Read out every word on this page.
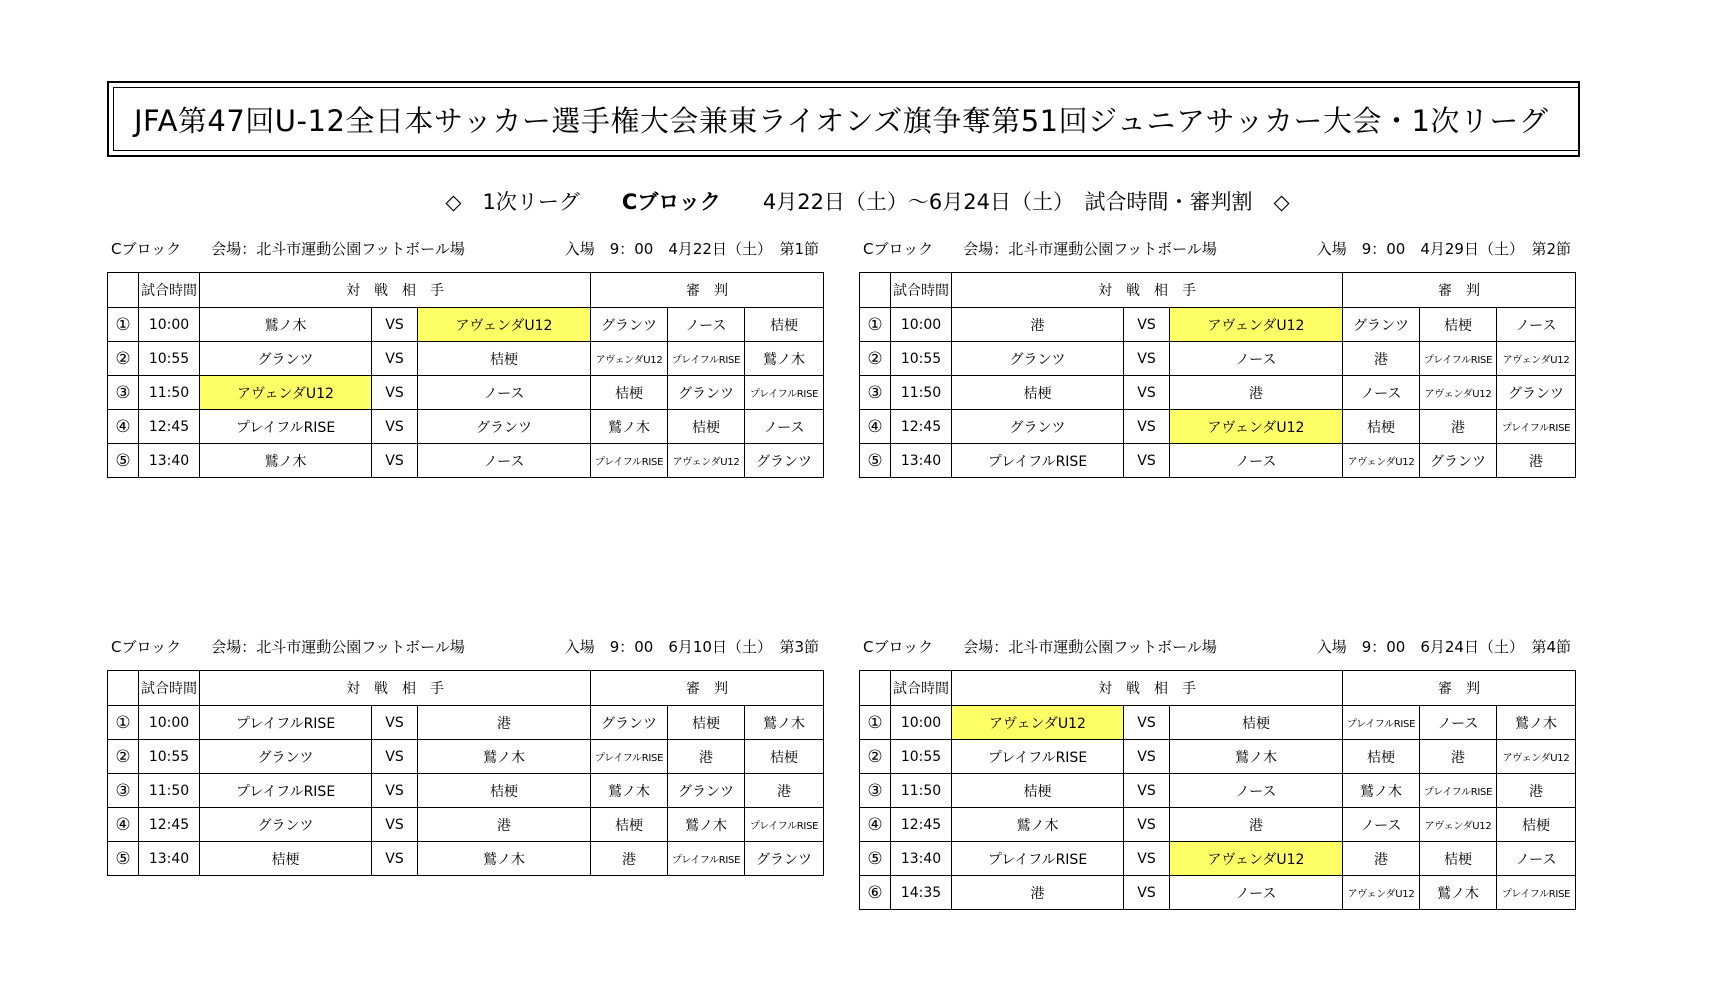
JFA第47回U-12全日本サッカー選手権大会兼東ライオンズ旗争奪第51回ジュニアサッカー大会・1次リーグ
◇　1次リーグ　　Cブロック　　4月22日（土）～6月24日（土）　試合時間・審判割　◇
Cブロック　　 会場：北斗市運動公園フットボール場	入場　9：00　4月22日（土）　第1節
	試合時間	対　戦　相　手			審　判		
①	10:00	鷲ノ木	VS	アヴェンダU12	グランツ	ノース	桔梗
②	10:55	グランツ	VS	桔梗	アヴェンダU12	プレイフルRISE	鷲ノ木
③	11:50	アヴェンダU12	VS	ノース	桔梗	グランツ	プレイフルRISE
④	12:45	プレイフルRISE	VS	グランツ	鷲ノ木	桔梗	ノース
⑤	13:40	鷲ノ木	VS	ノース	プレイフルRISE	アヴェンダU12	グランツ
Cブロック　　 会場：北斗市運動公園フットボール場	入場　9：00　4月29日（土）　第2節
	試合時間	対　戦　相　手			審　判		
①	10:00	港	VS	アヴェンダU12	グランツ	桔梗	ノース
②	10:55	グランツ	VS	ノース	港	プレイフルRISE	アヴェンダU12
③	11:50	桔梗	VS	港	ノース	アヴェンダU12	グランツ
④	12:45	グランツ	VS	アヴェンダU12	桔梗	港	プレイフルRISE
⑤	13:40	プレイフルRISE	VS	ノース	アヴェンダU12	グランツ	港
Cブロック　　 会場：北斗市運動公園フットボール場	入場　9：00　6月10日（土）　第3節
	試合時間	対　戦　相　手			審　判		
①	10:00	プレイフルRISE	VS	港	グランツ	桔梗	鷲ノ木
②	10:55	グランツ	VS	鷲ノ木	プレイフルRISE	港	桔梗
③	11:50	プレイフルRISE	VS	桔梗	鷲ノ木	グランツ	港
④	12:45	グランツ	VS	港	桔梗	鷲ノ木	プレイフルRISE
⑤	13:40	桔梗	VS	鷲ノ木	港	プレイフルRISE	グランツ
Cブロック　　 会場：北斗市運動公園フットボール場	入場　9：00　6月24日（土）　第4節
	試合時間	対　戦　相　手			審　判		
①	10:00	アヴェンダU12	VS	桔梗	プレイフルRISE	ノース	鷲ノ木
②	10:55	プレイフルRISE	VS	鷲ノ木	桔梗	港	アヴェンダU12
③	11:50	桔梗	VS	ノース	鷲ノ木	プレイフルRISE	港
④	12:45	鷲ノ木	VS	港	ノース	アヴェンダU12	桔梗
⑤	13:40	プレイフルRISE	VS	アヴェンダU12	港	桔梗	ノース
⑥	14:35	港	VS	ノース	アヴェンダU12	鷲ノ木	プレイフルRISE
